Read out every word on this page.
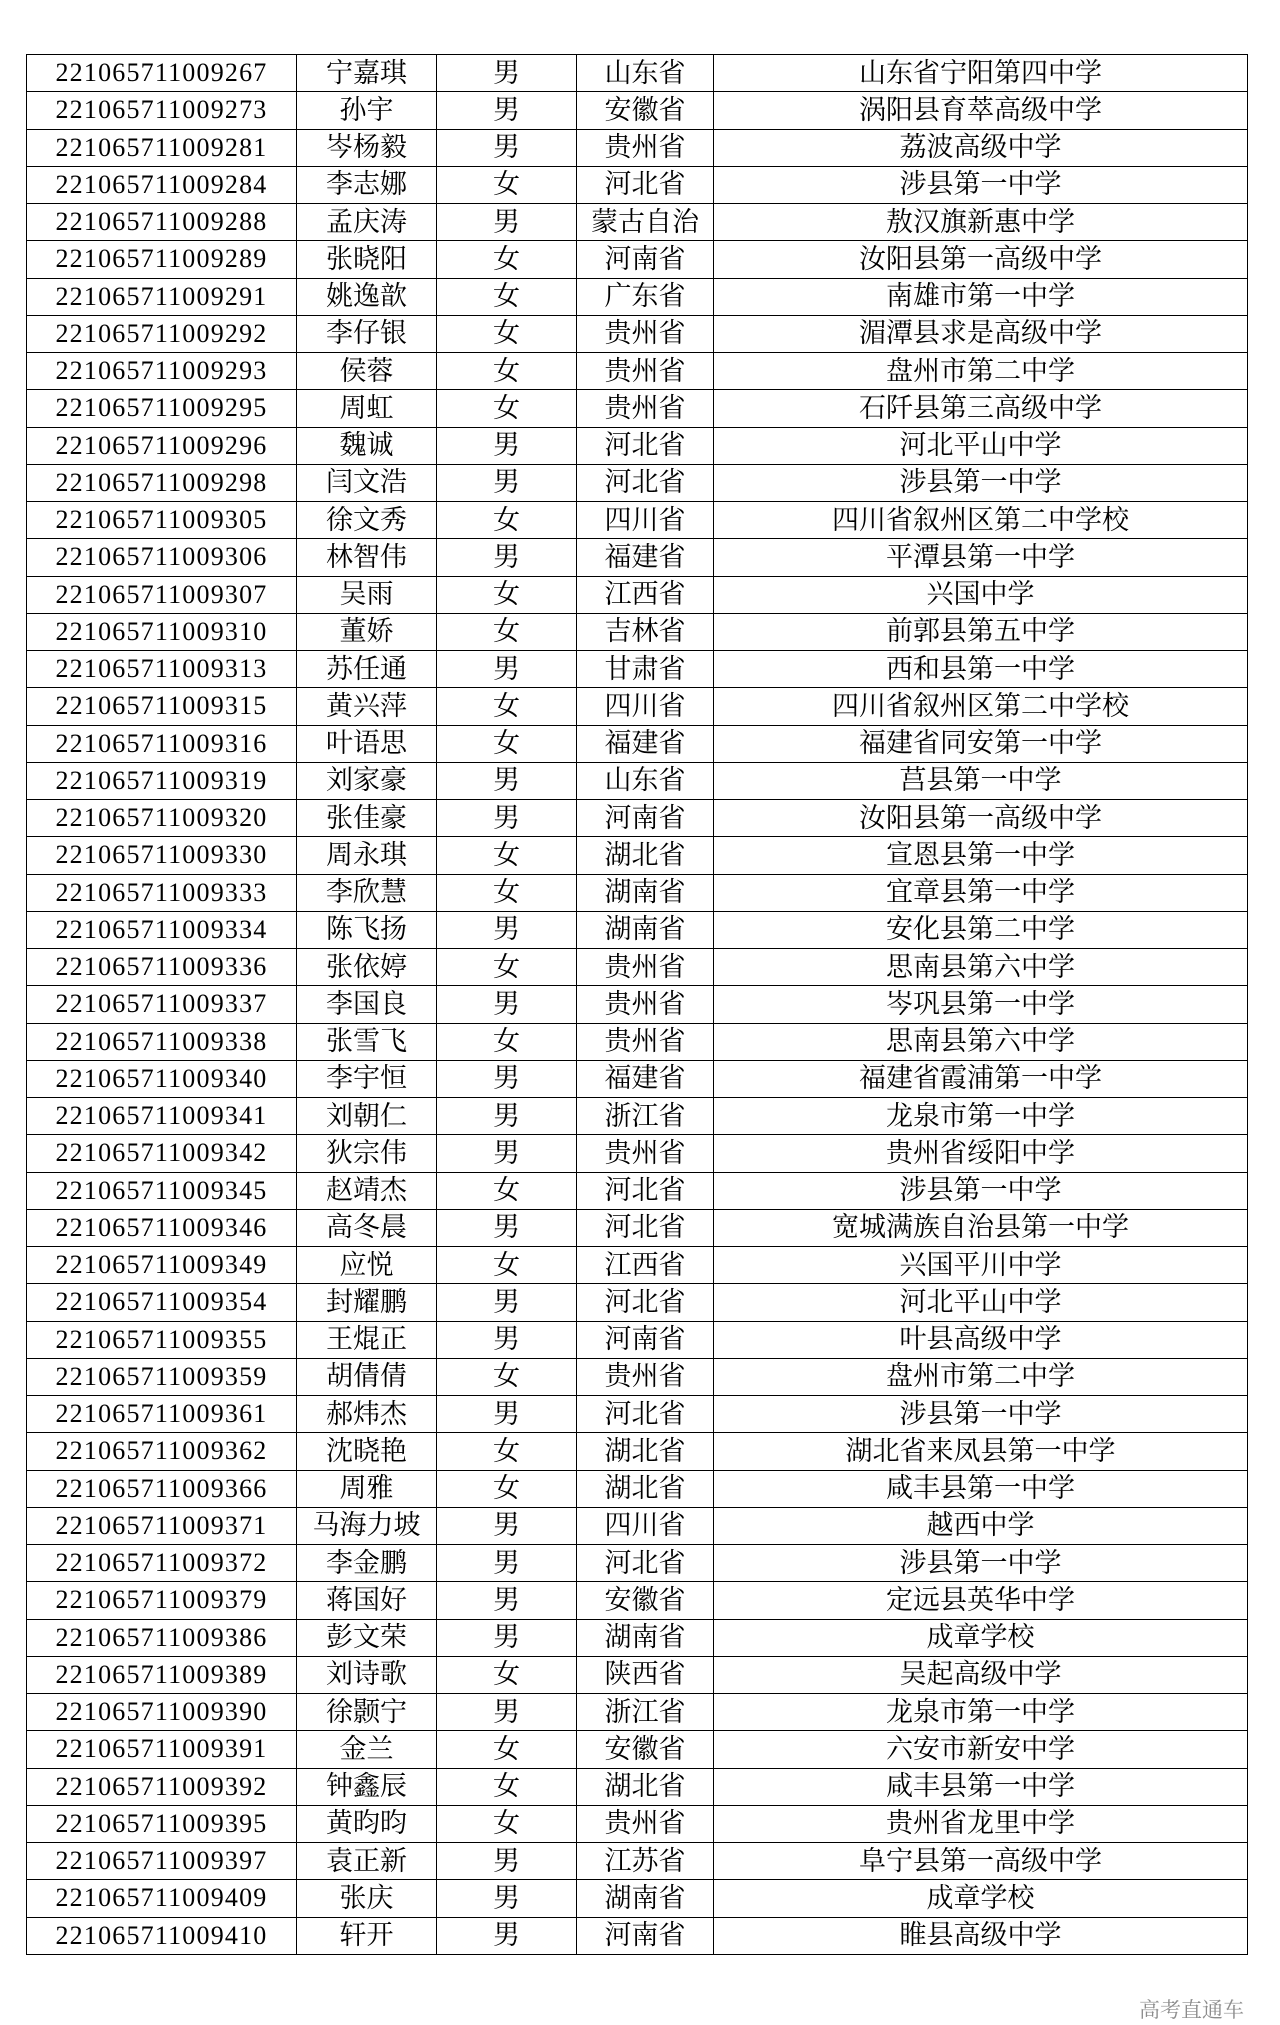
221065711009267	宁嘉琪	男	山东省	山东省宁阳第四中学
221065711009273	孙宇	男	安徽省	涡阳县育萃高级中学
221065711009281	岑杨毅	男	贵州省	荔波高级中学
221065711009284	李志娜	女	河北省	涉县第一中学
221065711009288	孟庆涛	男	蒙古自治	敖汉旗新惠中学
221065711009289	张晓阳	女	河南省	汝阳县第一高级中学
221065711009291	姚逸歆	女	广东省	南雄市第一中学
221065711009292	李仔银	女	贵州省	湄潭县求是高级中学
221065711009293	侯蓉	女	贵州省	盘州市第二中学
221065711009295	周虹	女	贵州省	石阡县第三高级中学
221065711009296	魏诚	男	河北省	河北平山中学
221065711009298	闫文浩	男	河北省	涉县第一中学
221065711009305	徐文秀	女	四川省	四川省叙州区第二中学校
221065711009306	林智伟	男	福建省	平潭县第一中学
221065711009307	吴雨	女	江西省	兴国中学
221065711009310	董娇	女	吉林省	前郭县第五中学
221065711009313	苏任通	男	甘肃省	西和县第一中学
221065711009315	黄兴萍	女	四川省	四川省叙州区第二中学校
221065711009316	叶语思	女	福建省	福建省同安第一中学
221065711009319	刘家豪	男	山东省	莒县第一中学
221065711009320	张佳豪	男	河南省	汝阳县第一高级中学
221065711009330	周永琪	女	湖北省	宣恩县第一中学
221065711009333	李欣慧	女	湖南省	宜章县第一中学
221065711009334	陈飞扬	男	湖南省	安化县第二中学
221065711009336	张依婷	女	贵州省	思南县第六中学
221065711009337	李国良	男	贵州省	岑巩县第一中学
221065711009338	张雪飞	女	贵州省	思南县第六中学
221065711009340	李宇恒	男	福建省	福建省霞浦第一中学
221065711009341	刘朝仁	男	浙江省	龙泉市第一中学
221065711009342	狄宗伟	男	贵州省	贵州省绥阳中学
221065711009345	赵靖杰	女	河北省	涉县第一中学
221065711009346	高冬晨	男	河北省	宽城满族自治县第一中学
221065711009349	应悦	女	江西省	兴国平川中学
221065711009354	封耀鹏	男	河北省	河北平山中学
221065711009355	王焜正	男	河南省	叶县高级中学
221065711009359	胡倩倩	女	贵州省	盘州市第二中学
221065711009361	郝炜杰	男	河北省	涉县第一中学
221065711009362	沈晓艳	女	湖北省	湖北省来凤县第一中学
221065711009366	周雅	女	湖北省	咸丰县第一中学
221065711009371	马海力坡	男	四川省	越西中学
221065711009372	李金鹏	男	河北省	涉县第一中学
221065711009379	蒋国好	男	安徽省	定远县英华中学
221065711009386	彭文荣	男	湖南省	成章学校
221065711009389	刘诗歌	女	陕西省	吴起高级中学
221065711009390	徐颢宁	男	浙江省	龙泉市第一中学
221065711009391	金兰	女	安徽省	六安市新安中学
221065711009392	钟鑫辰	女	湖北省	咸丰县第一中学
221065711009395	黄昀昀	女	贵州省	贵州省龙里中学
221065711009397	袁正新	男	江苏省	阜宁县第一高级中学
221065711009409	张庆	男	湖南省	成章学校
221065711009410	轩开	男	河南省	睢县高级中学
高考直通车
